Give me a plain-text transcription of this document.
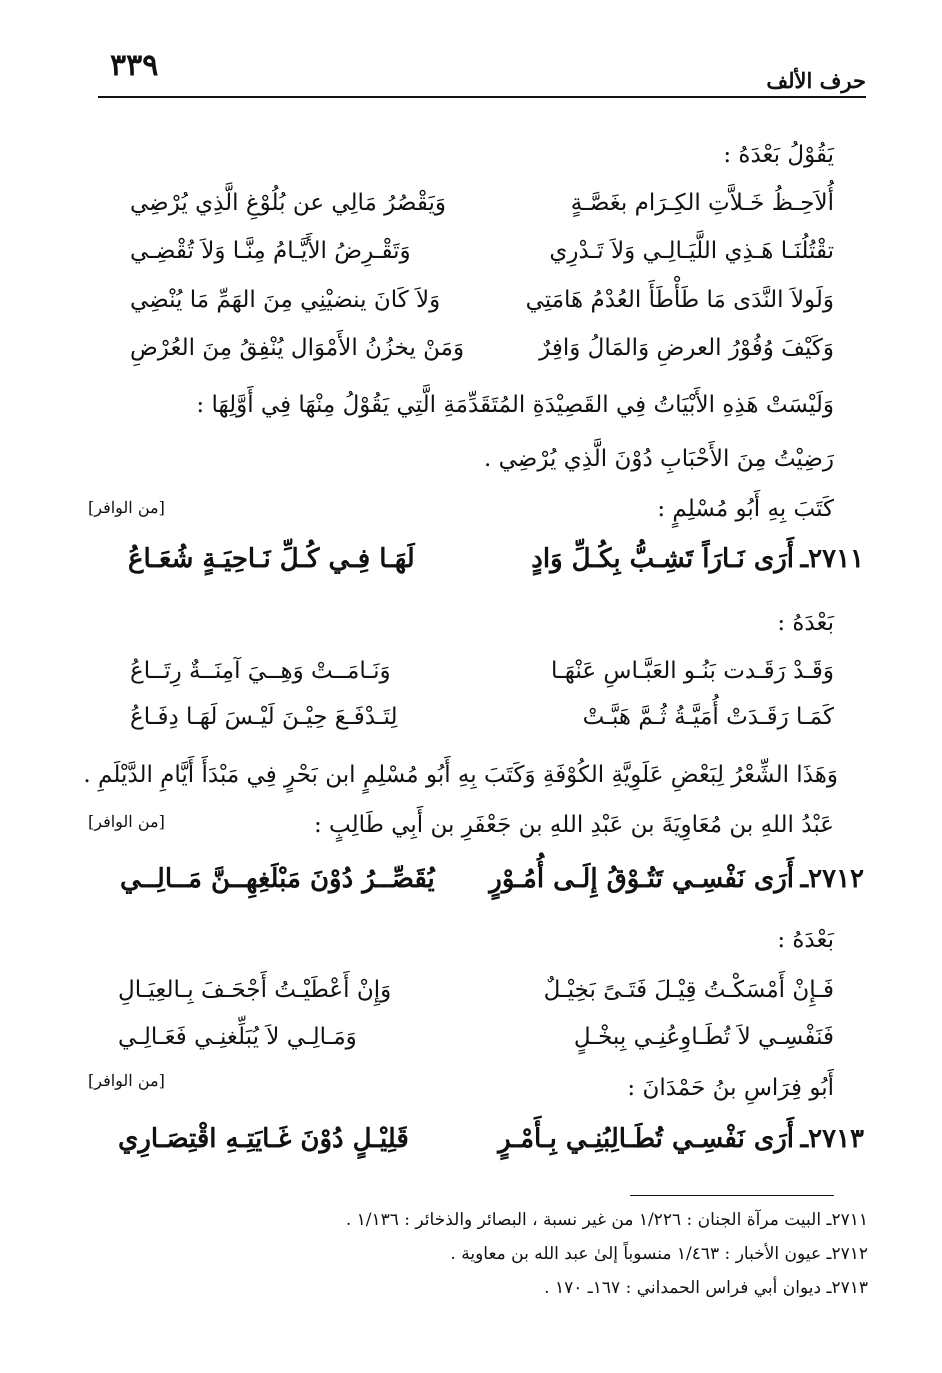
حرف الألف
٣٣٩
يَقُوْلُ بَعْدَهُ :
أُلاَحِـظُ خَـلاَّتِ الكِـرَام بغَصَّـةٍ
وَيَقْصُرُ مَالِي عن بُلُوْغِ الَّذِي يُرْضِي
تقْتُلُنَـا هَـذِي اللَّيَـالِـي وَلاَ تَـدْرِي
وَتَقْـرِضُ الأَيَّـامُ مِنَّـا وَلاَ تُقْضِـي
وَلَولاَ النَّدَى مَا طَأْطَأَ العُدْمُ هَامَتِي
وَلاَ كَانَ ينضيْنِي مِنَ الهَمِّ مَا يُنْضِي
وَكَيْفَ وُفُوْرُ العرضِ وَالمَالُ وَافِرٌ
وَمَنْ يخزُنُ الأَمْوَال يُنْفِقُ مِنَ العُرْضِ
وَلَيْسَتْ هَذِهِ الأَبْيَاتُ فِي القَصِيْدَةِ المُتَقَدِّمَةِ الَّتِي يَقُوْلُ مِنْهَا فِي أَوَّلِهَا :
رَضِيْتُ مِنَ الأَحْبَابِ دُوْنَ الَّذِي يُرْضِي .
كَتَبَ بِهِ أَبُو مُسْلِمٍ :
[من الوافر]
٢٧١١ـ
أَرَى نَـارَاً تَشِـبُّ بِكُـلِّ وَادٍ
لَهَـا فِـي كُـلِّ نَـاحِيَـةٍ شُعَـاعُ
بَعْدَهُ :
وَقَـدْ رَقَـدت بَنُـو العَبَّـاسِ عَنْهَـا
وَنَـامَــتْ وَهِــيَ آمِنَــةٌ رِتَــاعُ
كَمَـا رَقَـدَتْ أُمَيَّـةُ ثُـمَّ هَبَّـتْ
لِتَـدْفَـعَ حِيْـنَ لَيْـسَ لَهَـا دِفَـاعُ
وَهَذَا الشِّعْرُ لِبَعْضِ عَلَوِيَّةِ الكُوْفَةِ وَكَتَبَ بِهِ أَبُو مُسْلِمٍ ابن بَحْرٍ فِي مَبْدَأَ أَيَّامِ الدَّيْلَمِ .
عَبْدُ اللهِ بن مُعَاوِيَةَ بن عَبْدِ اللهِ بن جَعْفَرِ بن أَبِي طَالِبٍ :
[من الوافر]
٢٧١٢ـ
أَرَى نَفْسِـي تَتُـوْقُ إِلَـى أُمُـوْرٍ
يُقَصِّــرُ دُوْنَ مَبْلَغِهِــنَّ مَــالِــي
بَعْدَهُ :
فَـإِنْ أَمْسَكْـتُ قِيْـلَ فَتَـىً بَخِيْـلٌ
وَإِنْ أَعْطَيْـتُ أَجْحَـفَ بِـالعِيَـالِ
فَنَفْسِـي لاَ تُطَـاوِعُنِـي بِبخْـلٍ
وَمَـالِـي لاَ يُبَلِّغنِـي فَعَـالِـي
أَبُو فِرَاسِ بنُ حَمْدَانَ :
[من الوافر]
٢٧١٣ـ
أَرَى نَفْسِـي تُطَـالِبُنِـي بِـأَمْـرٍ
قَلِيْـلٍ دُوْنَ غَـايَتِـهِ اقْتِصَـارِي
٢٧١١ـ البيت مرآة الجنان : ١/٢٢٦ من غير نسبة ، البصائر والذخائر : ١/١٣٦ .
٢٧١٢ـ عيون الأخبار : ١/٤٦٣ منسوباً إلىٰ عبد الله بن معاوية .
٢٧١٣ـ ديوان أبي فراس الحمداني : ١٦٧ـ ١٧٠ .
